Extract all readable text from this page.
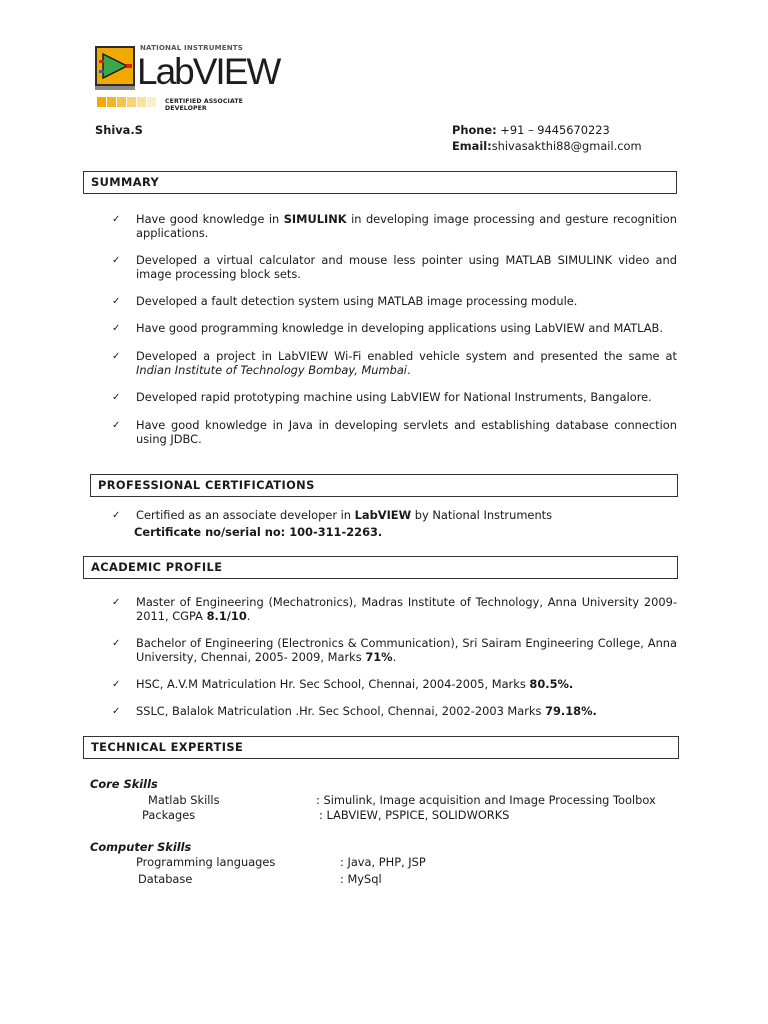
NATIONAL INSTRUMENTS
LabVIEW
CERTIFIED ASSOCIATE DEVELOPER
Shiva.S	Phone: +91 – 9445670223
Email:shivasakthi88@gmail.com
SUMMARY
✓ Have good knowledge in SIMULINK in developing image processing and gesture recognition applications.
✓ Developed a virtual calculator and mouse less pointer using MATLAB SIMULINK video and image processing block sets.
✓ Developed a fault detection system using MATLAB image processing module.
✓ Have good programming knowledge in developing applications using LabVIEW and MATLAB.
✓ Developed a project in LabVIEW Wi-Fi enabled vehicle system and presented the same at Indian Institute of Technology Bombay, Mumbai.
✓ Developed rapid prototyping machine using LabVIEW for National Instruments, Bangalore.
✓ Have good knowledge in Java in developing servlets and establishing database connection using JDBC.
PROFESSIONAL CERTIFICATIONS
✓ Certified as an associate developer in LabVIEW by National Instruments
Certificate no/serial no: 100-311-2263.
ACADEMIC PROFILE
✓ Master of Engineering (Mechatronics), Madras Institute of Technology, Anna University 2009-2011, CGPA 8.1/10.
✓ Bachelor of Engineering (Electronics & Communication), Sri Sairam Engineering College, Anna University, Chennai, 2005- 2009, Marks 71%.
✓ HSC, A.V.M Matriculation Hr. Sec School, Chennai, 2004-2005, Marks 80.5%.
✓ SSLC, Balalok Matriculation .Hr. Sec School, Chennai, 2002-2003 Marks 79.18%.
TECHNICAL EXPERTISE
Core Skills
Matlab Skills	: Simulink, Image acquisition and Image Processing Toolbox
Packages	: LABVIEW, PSPICE, SOLIDWORKS
Computer Skills
Programming languages	: Java, PHP, JSP
Database	: MySql
